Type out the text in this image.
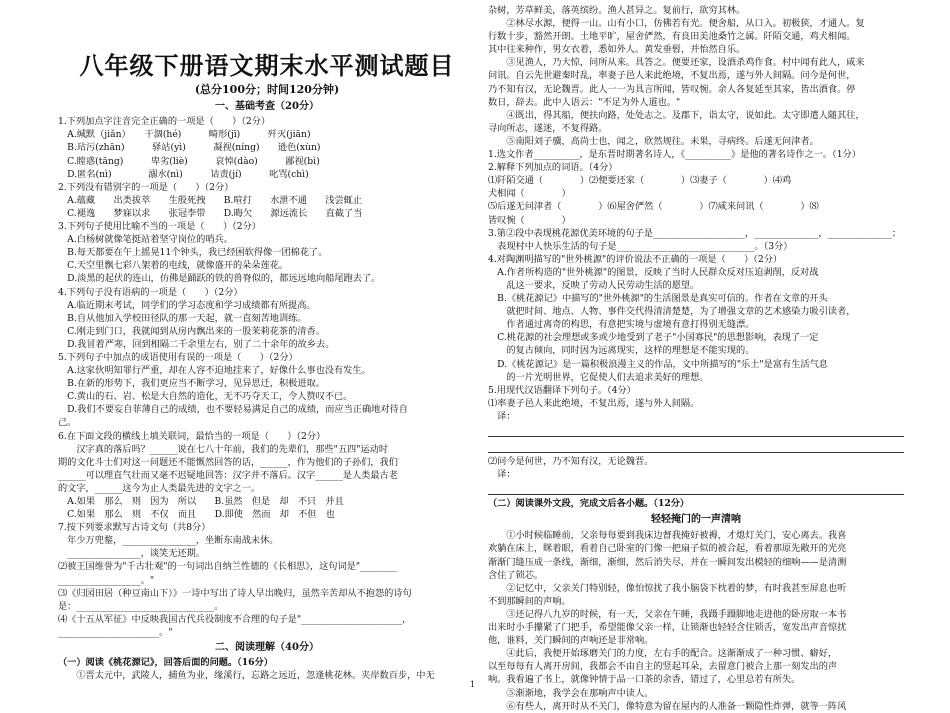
八年级下册语文期末水平测试题目
(总分100分；时间120分钟)
一、基础考查（20分）
1.下列加点字注音完全正确的一项是（　　）（2分）
　A.缄默（jiǎn）　　干涸(hé)　　　畸形(jī)　　　歼灭(jiān)
　B.玷污(zhān)　　　驿站(yì)　　　凝视(níng)　　逊色(xùn)
　C.瞠惑(tāng)　　　卑劣(liè)　　　哀悼(dào)　　　鄙视(bì)
　D.匿名(nì)　　　　溺水(nì)　　　诘责(jí)　　　叱骂(chì)
2.下列没有错别字的一项是（　　）（2分）
　A.蕴藏　　出类拔萃　　生殷死拽　　B.喧打　　水泄不通　　浅尝辄止
　C.褪逸　　梦寐以求　　张冠李带　　D.晦欠　　源远流长　　直截了当
3.下列句子使用比喻不当的一项是（　　）（2分）
　A.白杨树就像笔挺站着坚守岗位的哨兵。
　B.每天都要在午上摇晃11个钟头，我已经困软得像一团棉花了。
　C.天空里飘七彩八架着的电线，就像盛开的朵朵莲花。
　D.淡黑的起伏的连山，仿佛是踊跃的铁的兽脊似的，都远远地向船尾跑去了。
4.下列句子没有语病的一项是（　　）（2分）
　A.临近期末考试，同学们的学习态度和学习成绩都有所提高。
　B.自从他加入学校田径队的那一天起，就一直刻苦地训练。
　C.刚走到门口，我就闻到从房内飘出来的一股茉莉花茶的清香。
　D.我冒着严寒，回到相隔二千余里左右，别了二十余年的故乡去。
5.下列句子中加点的成语使用有误的一项是（　　）（2分）
　A.这家伙明知罪行严重，却在人容不迫地挂来了，好像什么事也没有发生。
　B.在新的形势下，我们更应当不断学习，见异思迁，积极进取。
　C.黄山的石、岩、松是大自然的造化，无不巧夺天工，令人赞叹不已。
　D.我们不要妄自菲薄自己的成绩，也不要轻易满足自己的成绩，而应当正确地对待自
己。
6.在下面文段的横线上填关联词，最恰当的一项是（　　）（2分）
　　汉字真的落后吗？______说在七八十年前，我们的先辈们，那些"五四"运动时
期的文化斗士们对这一问题还不能慨然回答的话，______，作为他们的子孙们，我们
______可以理直气壮而又毫不迟疑地回答：汉字并不落后。汉字______是人类最古老
的文字，______这今为止人类最先进的文字之一。
　A.如果　那么　则　因为　所以　　B.虽然　但是　却　不只　并且
　C.如果　那么　则　不仅　而且　　D.即使　然而　却　不但　也
7.按下列要求默写古诗文句（共8分）
　年少万兜鍪，________________，坐断东南战未休。
　________________，谈笑无还期。
⑵被王国维誉为"千古壮观"的一句词出自纳兰性德的《长相思》，这句词是"________
__________________。"
⑶《归园田居（种豆南山下）》一诗中写出了诗人早出晚归，虽然辛苦却从不抱怨的诗句
是：______________________________。
⑷《十五从军征》中反映我国古代兵役制度不合理的句子是"______________________，
______________________。"
二、阅读理解（40分）
（一）阅读《桃花源记》，回答后面的问题。（16分）
　　①晋太元中，武陵人，捕鱼为业，缘溪行，忘路之远近，忽逢桃花林。夹岸数百步，中无
杂树，芳草鲜美，落英缤纷。渔人甚异之。复前行，欲穷其林。
　　②林尽水源，便得一山。山有小口，仿佛若有光。便舍船，从口入。初极狭，才通人。复
行数十步，豁然开朗。土地平旷，屋舍俨然，有良田美池桑竹之属。阡陌交通，鸡犬相闻。
其中往来种作，男女衣着，悉如外人。黄发垂髫，并怡然自乐。
　　③见渔人，乃大惊，问所从来。具答之。便要还家，设酒杀鸡作食。村中闻有此人，咸来
问讯。自云先世避秦时乱，率妻子邑人来此绝境，不复出焉，遂与外人间隔。问今是何世，
乃不知有汉，无论魏晋。此人一一为具言所闻，皆叹惋。余人各复延至其家，皆出酒食。停
数日，辞去。此中人语云："不足为外人道也。"
　　④既出，得其船，便扶向路，处处志之。及郡下，诣太守，说如此。太守即遣人随其往，
寻向所志，遂迷，不复得路。
　　⑤南阳刘子骥，高尚士也，闻之，欣然规往。未果，寻病终。后遂无问津者。
1.选文作者__________，是东晋时期著名诗人，《__________》是他的著名诗作之一。（1分）
2.解释下列加点的词语。（4分）
⑴阡陌交通（　　　　）⑵便要还家（　　　　）⑶妻子（　　　　）⑷鸡
犬相闻（　　　　）
⑸后遂无问津者（　　　　）⑹屋舍俨然（　　　　）⑺咸来问讯（　　　　）⑻
皆叹惋（　　　　）
3.第②段中表现桃花源优美环境的句子是____________________，______________，______________；
　表现村中人快乐生活的句子是______________________________。（3分）
4.对陶渊明描写的"世外桃源"的评价说法不正确的一项是（　　）（2分）
　A.作者所构造的"世外桃源"的图景，反映了当时人民群众反对压迫剥削，反对战
　　乱这一要求，反映了劳动人民劳动生活的愿望。
　B.《桃花源记》中描写的"世外桃源"的生活图景是真实可信的。作者在文章的开头
　　就把时间、地点、人物、事件交代得清清楚楚，为了增强文章的艺术感染力吸引读者，
　　作者通过离奇的构思，有意把实境与虚境有意打得别无缝漂。
　C.桃花源的社会理想或多或少地受到了老子"小国寡民"的思想影响，表现了一定
　　的复古倾向，同时因为远离现实，这样的理想是不能实现的。
　D.《桃花源记》是一篇积极浪漫主义的作品，文中所描写的"乐土"是富有生活气息
　　的一片光明世界，它促使人们去追求美好的理想。
5.用现代汉语翻译下列句子。（4分）
⑴率妻子邑人来此绝境，不复出焉，遂与外人间隔。
　译：
⑵问今是何世，乃不知有汉，无论魏晋。
　译：
（二）阅读课外文段，完成文后各小题。（12分）
轻轻掩门的一声清响
　　①小时候临睡前，父亲每每要到我床边督我掩好被褥，才熄灯关门，安心离去。我喜
欢躺在床上，眯着眼，看着自己卧室的门像一把扇子似的被合起，看着那原先敞开的光亮
渐渐门缝压成一条线，渐细，渐细，然后消失尽，并在一瞬间发出模轻的细响——是清测
含住了锁芯。
　　②记忆中，父亲关门特别轻，像怕惊扰了我小脑袋下枕着的梦，有时我甚至屏息也听
不到那瞬间的声响。
　　③还记得八九岁的时候，有一天，父亲在午睡，我蹑手蹑脚地走进他的卧房取一本书
出来时小手攥紧了门把手，希望能像父亲一样，让锁渐也轻轻含住锁舌，宽发出声音惊扰
他，谁料，关门瞬间的声响还是非常响。
　　④此后，我便开始琢磨关门的力度，左右手的配合。这渐渐成了一种习惯、癖好，
以至每每有人离开房间，我都会不由自主的竖起耳朵，去留意门被合上那一刻发出的声
响。我看遍了书上，就像钟情于品一口茶的余香，错过了，心里总若有所失。
　　⑤渐渐地，我学会在那响声中读人。
　　⑥有些人，离开时从不关门，像特意为留在屋内的人准备一颗隐性炸弹，就等一阵风
1
